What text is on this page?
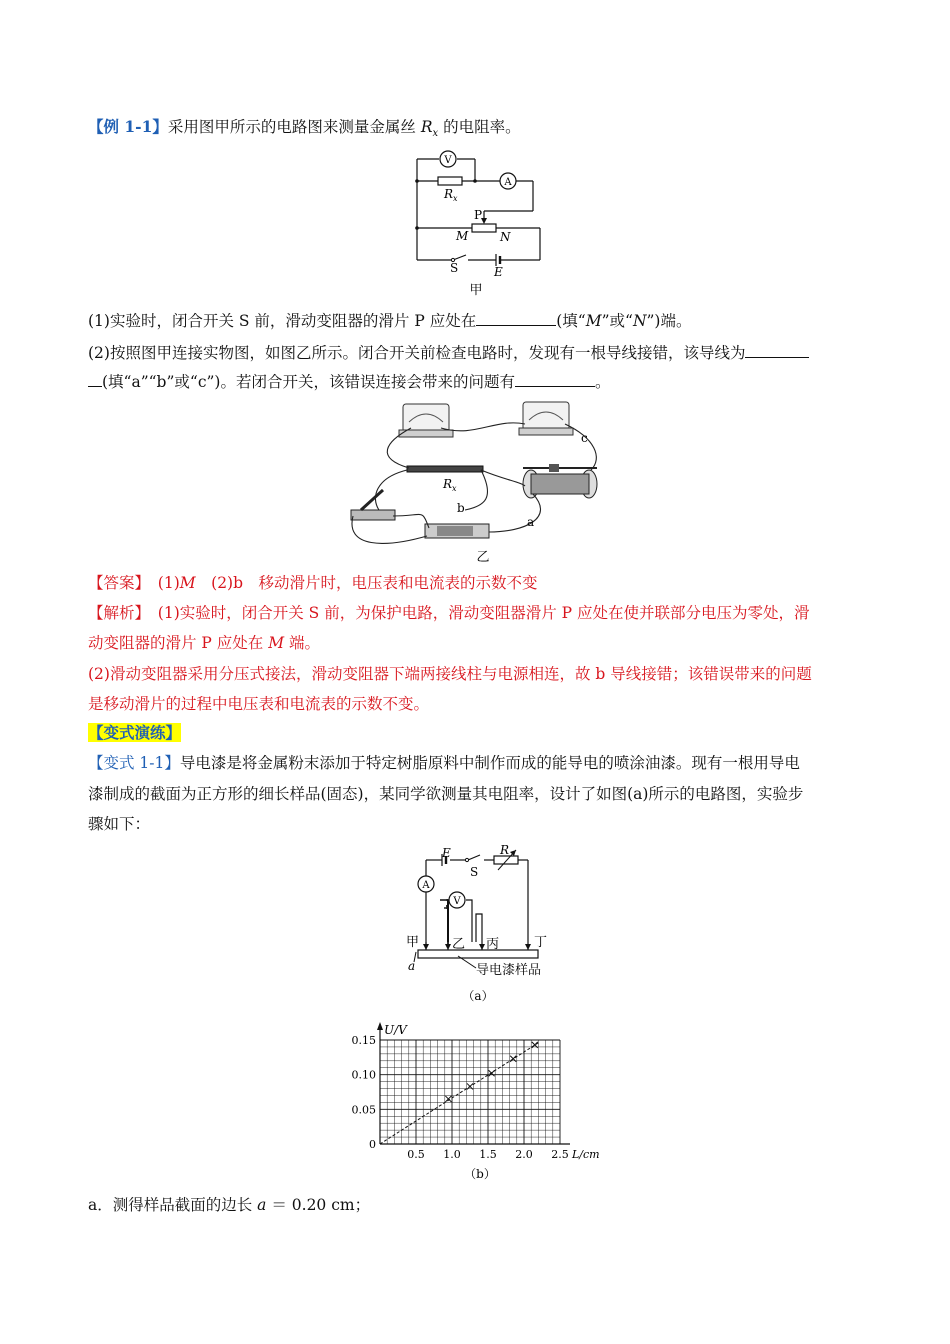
【例 1-1】采用图甲所示的电路图来测量金属丝 $R_x$ 的电阻率。
V
A
R x
P
M	N
S	E
甲
(1)实验时，闭合开关 S 前，滑动变阻器的滑片 P 应处在	(填“M”或“N”)端。
(2)按照图甲连接实物图，如图乙所示。闭合开关前检查电路时，发现有一根导线接错，该导线为
(填“a”“b”或“c”)。若闭合开关，该错误连接会带来的问题有	。
c
b
a
R x
乙
【答案】　 (1)M　 (2)b　移动滑片时，电压表和电流表的示数不变
【解析】　 (1)实验时，闭合开关 S 前，为保护电路，滑动变阻器滑片 P 应处在使并联部分电压为零处，滑
动变阻器的滑片 P 应处在 M 端。
(2)滑动变阻器采用分压式接法，滑动变阻器下端两接线柱与电源相连，故 b 导线接错；该错误带来的问题
是移动滑片的过程中电压表和电流表的示数不变。
【变式演练】
【变式 1-1】导电漆是将金属粉末添加于特定树脂原料中制作而成的能导电的喷涂油漆。现有一根用导电
漆制成的截面为正方形的细长样品(固态)，某同学欲测量其电阻率，设计了如图(a)所示的电路图，实验步
骤如下：
E
S
R
A
V
甲	乙 丙	丁
a	导电漆样品
（a）
0.5 1.0 1.5 2.0 2.5
0.05
0.10
0.15
0
U/V
L/cm
（b）
a．测得样品截面的边长 a ＝ 0.20 cm；
